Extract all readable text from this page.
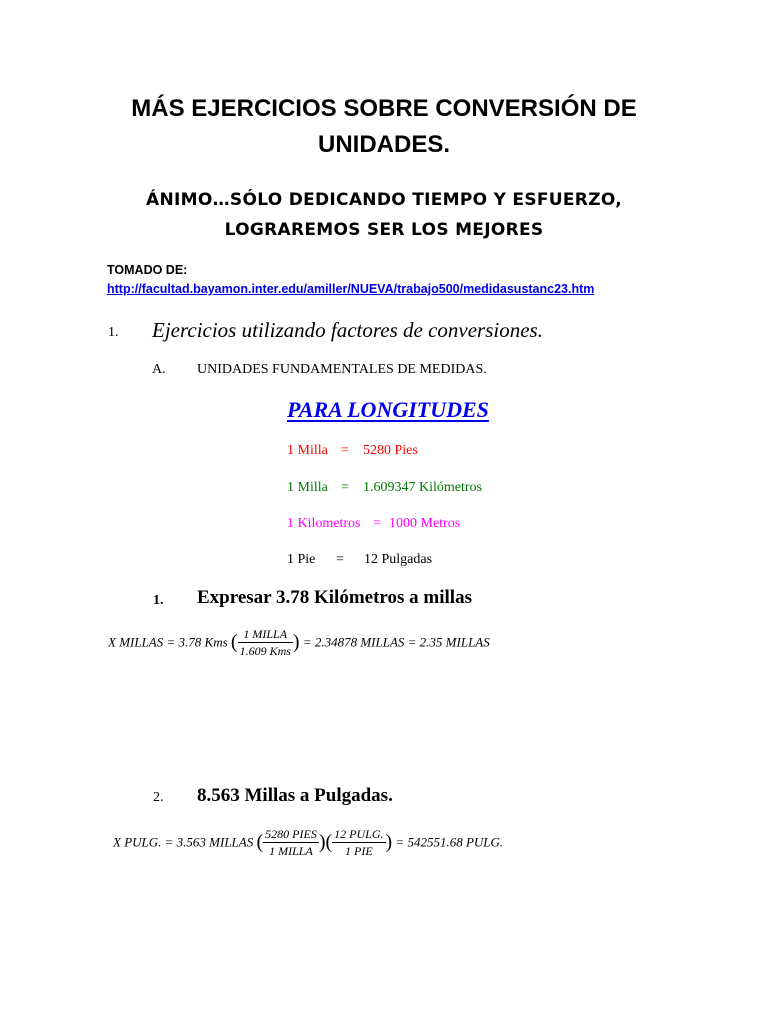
MÁS EJERCICIOS SOBRE CONVERSIÓN DE
UNIDADES.
ÁNIMO…SÓLO DEDICANDO TIEMPO Y ESFUERZO,
LOGRAREMOS SER LOS MEJORES
TOMADO DE:
http://facultad.bayamon.inter.edu/amiller/NUEVA/trabajo500/medidasustanc23.htm
1. Ejercicios utilizando factores de conversiones.
A. UNIDADES FUNDAMENTALES DE MEDIDAS.
PARA LONGITUDES
1 Milla = 5280 Pies
1 Milla = 1.609347 Kilómetros
1 Kilometros = 1000 Metros
1 Pie = 12 Pulgadas
1. Expresar 3.78 Kilómetros a millas
X MILLAS = 3.78 Kms ( $\frac{\text{1 MILLA}}{\text{1.609 Kms}}$ ) = 2.34878 MILLAS = 2.35 MILLAS
2. 8.563 Millas a Pulgadas.
X PULG. = 3.563 MILLAS ( $\frac{\text{5280 PIES}}{\text{1 MILLA}}$ )( $\frac{\text{12 PULG.}}{\text{1 PIE}}$ ) = 542551.68 PULG.
